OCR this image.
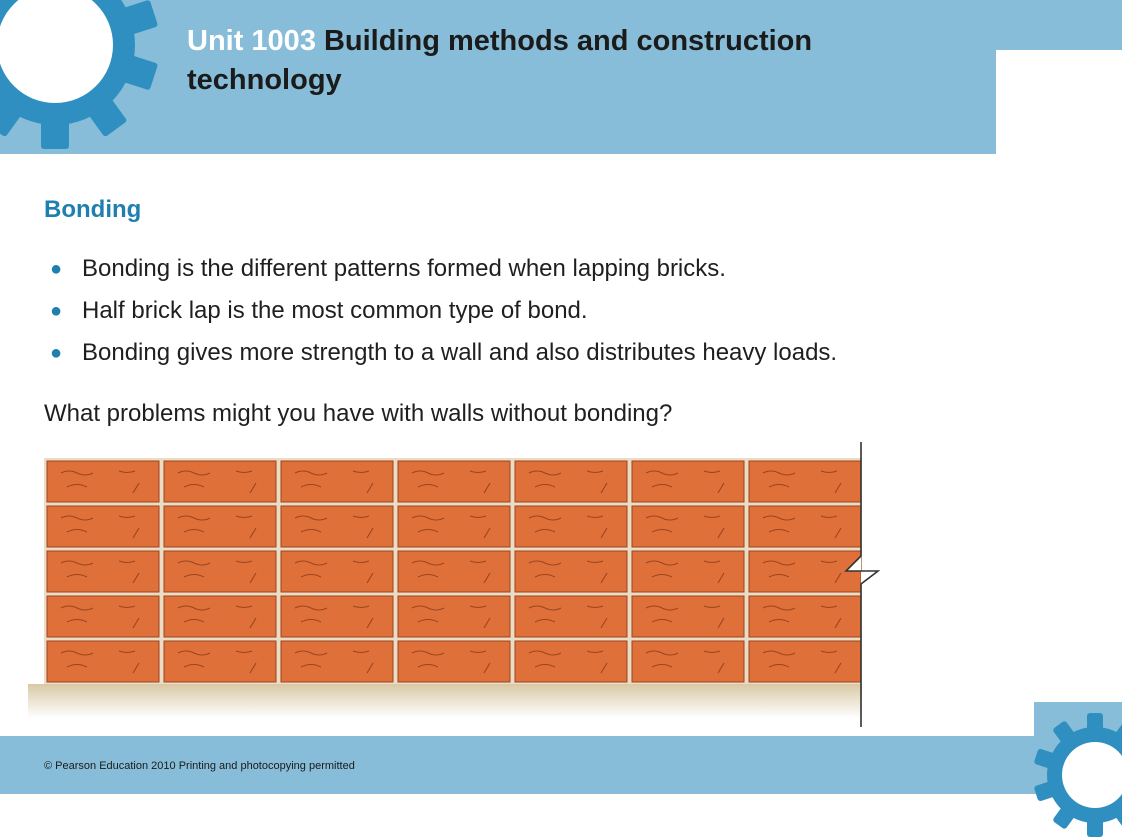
Unit 1003 Building methods and construction technology
Bonding
● Bonding is the different patterns formed when lapping bricks.
● Half brick lap is the most common type of bond.
● Bonding gives more strength to a wall and also distributes heavy loads.
What problems might you have with walls without bonding?
© Pearson Education 2010 Printing and photocopying permitted
